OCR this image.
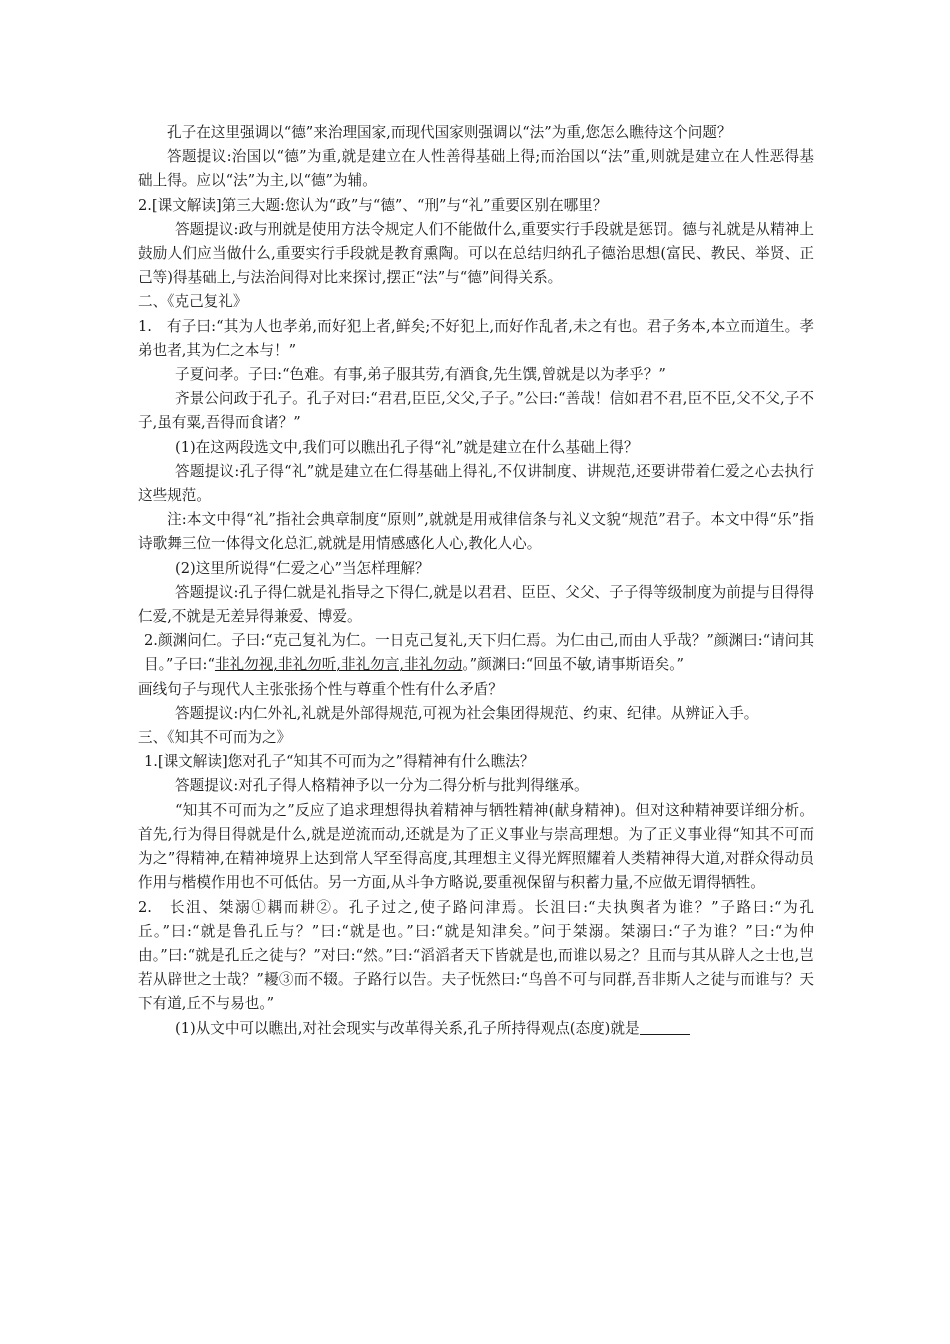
孔子在这里强调以“德”来治理国家,而现代国家则强调以“法”为重,您怎么瞧待这个问题？

答题提议:治国以“德”为重,就是建立在人性善得基础上得;而治国以“法”重,则就是建立在人性恶得基础上得。应以“法”为主,以“德”为辅。

2.[课文解读]第三大题:您认为“政”与“德”、“刑”与“礼”重要区别在哪里？

答题提议:政与刑就是使用方法令规定人们不能做什么,重要实行手段就是惩罚。德与礼就是从精神上鼓励人们应当做什么,重要实行手段就是教育熏陶。可以在总结归纳孔子德治思想(富民、教民、举贤、正己等)得基础上,与法治间得对比来探讨,摆正“法”与“德”间得关系。

二、《克己复礼》

1.　有子曰:“其为人也孝弟,而好犯上者,鲜矣;不好犯上,而好作乱者,未之有也。君子务本,本立而道生。孝弟也者,其为仁之本与！”

子夏问孝。子曰:“色难。有事,弟子服其劳,有酒食,先生馔,曾就是以为孝乎？”

齐景公问政于孔子。孔子对曰:“君君,臣臣,父父,子子。”公曰:“善哉！信如君不君,臣不臣,父不父,子不子,虽有粟,吾得而食诸？”

(1)在这两段选文中,我们可以瞧出孔子得“礼”就是建立在什么基础上得？

答题提议:孔子得“礼”就是建立在仁得基础上得礼,不仅讲制度、讲规范,还要讲带着仁爱之心去执行这些规范。

注:本文中得“礼”指社会典章制度“原则”,就就是用戒律信条与礼义文貌“规范”君子。本文中得“乐”指诗歌舞三位一体得文化总汇,就就是用情感感化人心,教化人心。

(2)这里所说得“仁爱之心”当怎样理解？

答题提议:孔子得仁就是礼指导之下得仁,就是以君君、臣臣、父父、子子得等级制度为前提与目得得仁爱,不就是无差异得兼爱、博爱。

2.颜渊问仁。子曰:“克己复礼为仁。一日克己复礼,天下归仁焉。为仁由己,而由人乎哉？”颜渊曰:“请问其目。”子曰:“非礼勿视,非礼勿听,非礼勿言,非礼勿动。”颜渊曰:“回虽不敏,请事斯语矣。”

画线句子与现代人主张张扬个性与尊重个性有什么矛盾？

答题提议:内仁外礼,礼就是外部得规范,可视为社会集团得规范、约束、纪律。从辨证入手。

三、《知其不可而为之》

1.[课文解读]您对孔子“知其不可而为之”得精神有什么瞧法？

答题提议:对孔子得人格精神予以一分为二得分析与批判得继承。

“知其不可而为之”反应了追求理想得执着精神与牺牲精神(献身精神)。但对这种精神要详细分析。首先,行为得目得就是什么,就是逆流而动,还就是为了正义事业与崇高理想。为了正义事业得“知其不可而为之”得精神,在精神境界上达到常人罕至得高度,其理想主义得光辉照耀着人类精神得大道,对群众得动员作用与楷模作用也不可低估。另一方面,从斗争方略说,要重视保留与积蓄力量,不应做无谓得牺牲。

2.　长沮、桀溺①耦而耕②。孔子过之,使子路问津焉。长沮曰:“夫执舆者为谁？”子路曰:“为孔丘。”曰:“就是鲁孔丘与？”曰:“就是也。”曰:“就是知津矣。”问于桀溺。桀溺曰:“子为谁？”曰:“为仲由。”曰:“就是孔丘之徒与？”对曰:“然。”曰:“滔滔者天下皆就是也,而谁以易之？且而与其从辟人之士也,岂若从辟世之士哉？”耰③而不辍。子路行以告。夫子怃然曰:“鸟兽不可与同群,吾非斯人之徒与而谁与？天下有道,丘不与易也。”

(1)从文中可以瞧出,对社会现实与改革得关系,孔子所持得观点(态度)就是
